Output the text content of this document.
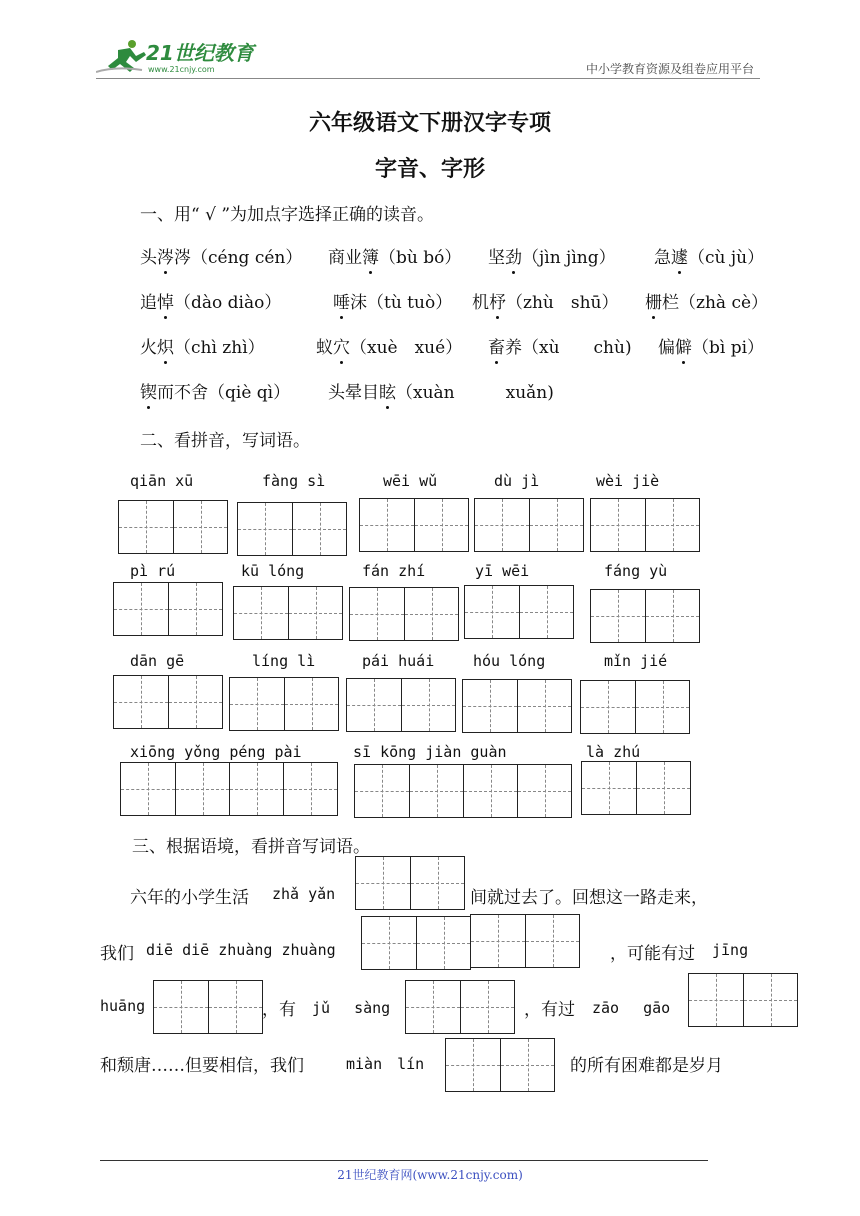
21世纪教育
www.21cnjy.com	中小学教育资源及组卷应用平台
六年级语文下册汉字专项
字音、字形
一、用“ √ ”为加点字选择正确的读音。
头涔涔（céng cén） 商业簿（bù bó） 坚劲（jìn jìng） 急遽（cù jù）
追悼（dào diào）	唾沫（tù tuò） 机杼（zhù　shū） 栅栏（zhà cè）
火炽（chì zhì）	蚁穴（xuè　xué） 畜养（xù　　chù) 偏僻（bì pi）
锲而不舍（qiè qì） 头晕目眩（xuàn　　　xuǎn)
二、看拼音，写词语。
qiān xū	fàng sì	wēi wǔ	dù jì	wèi jiè
pì rú	kū lóng	fán zhí	yī wēi	fáng yù
dān gē	líng lì	pái huái	hóu lóng	mǐn jié
xiōng yǒng péng pài	sī kōng jiàn guàn	là zhú
三、根据语境，看拼音写词语。
六年的小学生活 zhǎ yǎn	间就过去了。回想这一路走来，
我们 diē diē zhuàng zhuàng	，可能有过 jīng
huāng	，有 jǔ　 sàng	，有过 zāo　 gāo
和颓唐……但要相信，我们	miàn　lín	的所有困难都是岁月
21世纪教育网(www.21cnjy.com)
